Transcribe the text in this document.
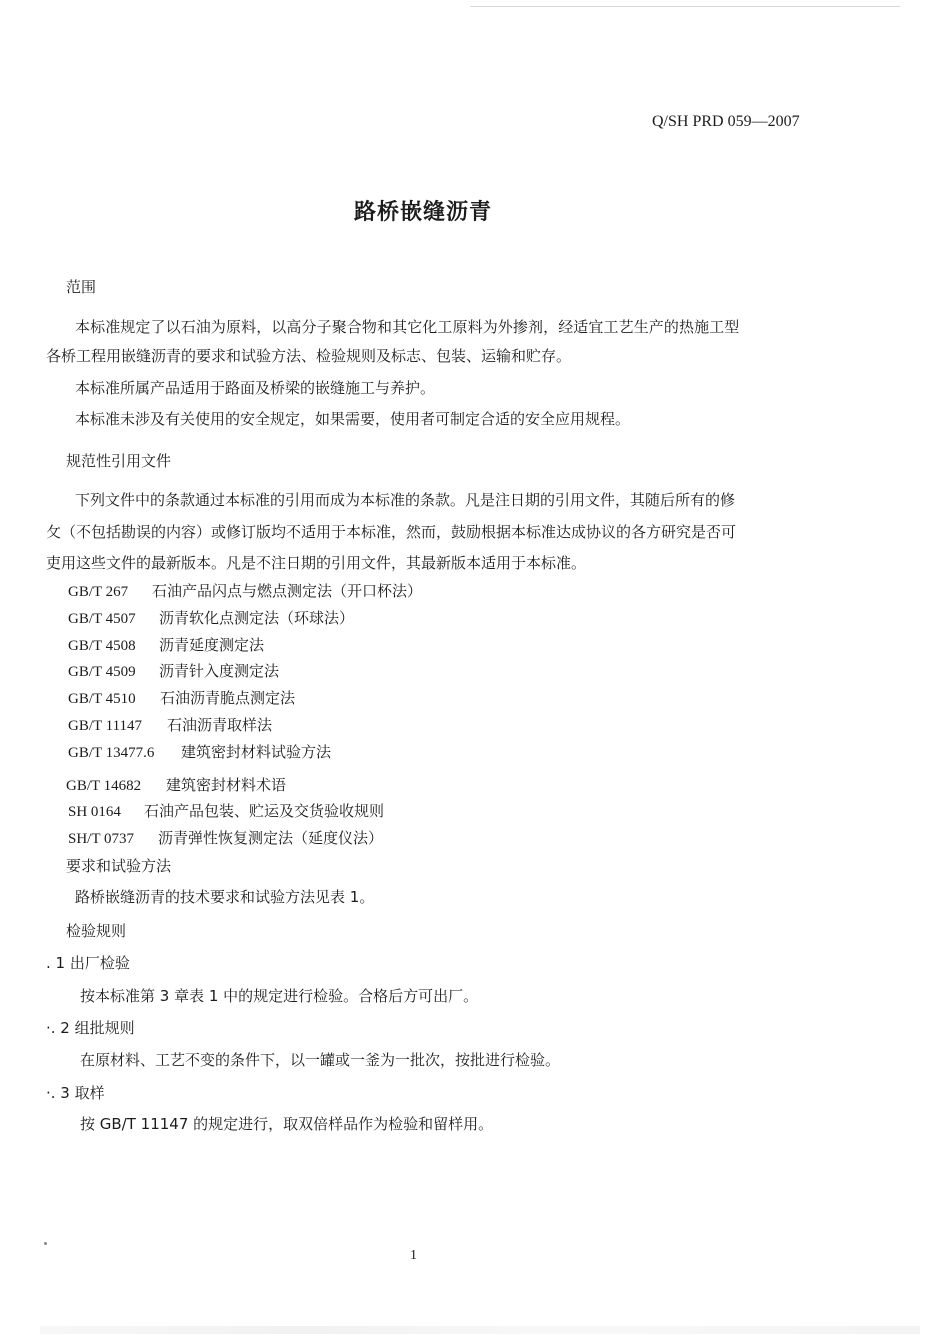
Q/SH PRD 059—2007
路桥嵌缝沥青
范围
本标准规定了以石油为原料，以高分子聚合物和其它化工原料为外掺剂，经适宜工艺生产的热施工型
各桥工程用嵌缝沥青的要求和试验方法、检验规则及标志、包装、运输和贮存。
本标准所属产品适用于路面及桥梁的嵌缝施工与养护。
本标准未涉及有关使用的安全规定，如果需要，使用者可制定合适的安全应用规程。
规范性引用文件
下列文件中的条款通过本标准的引用而成为本标准的条款。凡是注日期的引用文件，其随后所有的修
攵（不包括勘误的内容）或修订版均不适用于本标准，然而，鼓励根据本标准达成协议的各方研究是否可
吏用这些文件的最新版本。凡是不注日期的引用文件，其最新版本适用于本标准。
GB/T 267 石油产品闪点与燃点测定法（开口杯法）
GB/T 4507 沥青软化点测定法（环球法）
GB/T 4508 沥青延度测定法
GB/T 4509 沥青针入度测定法
GB/T 4510 石油沥青脆点测定法
GB/T 11147 石油沥青取样法
GB/T 13477.6 建筑密封材料试验方法
GB/T 14682 建筑密封材料术语
SH 0164 石油产品包装、贮运及交货验收规则
SH/T 0737 沥青弹性恢复测定法（延度仪法）
要求和试验方法
路桥嵌缝沥青的技术要求和试验方法见表 1。
检验规则
. 1 出厂检验
按本标准第 3 章表 1 中的规定进行检验。合格后方可出厂。
·. 2 组批规则
在原材料、工艺不变的条件下，以一罐或一釜为一批次，按批进行检验。
·. 3 取样
按 GB/T 11147 的规定进行，取双倍样品作为检验和留样用。
1
